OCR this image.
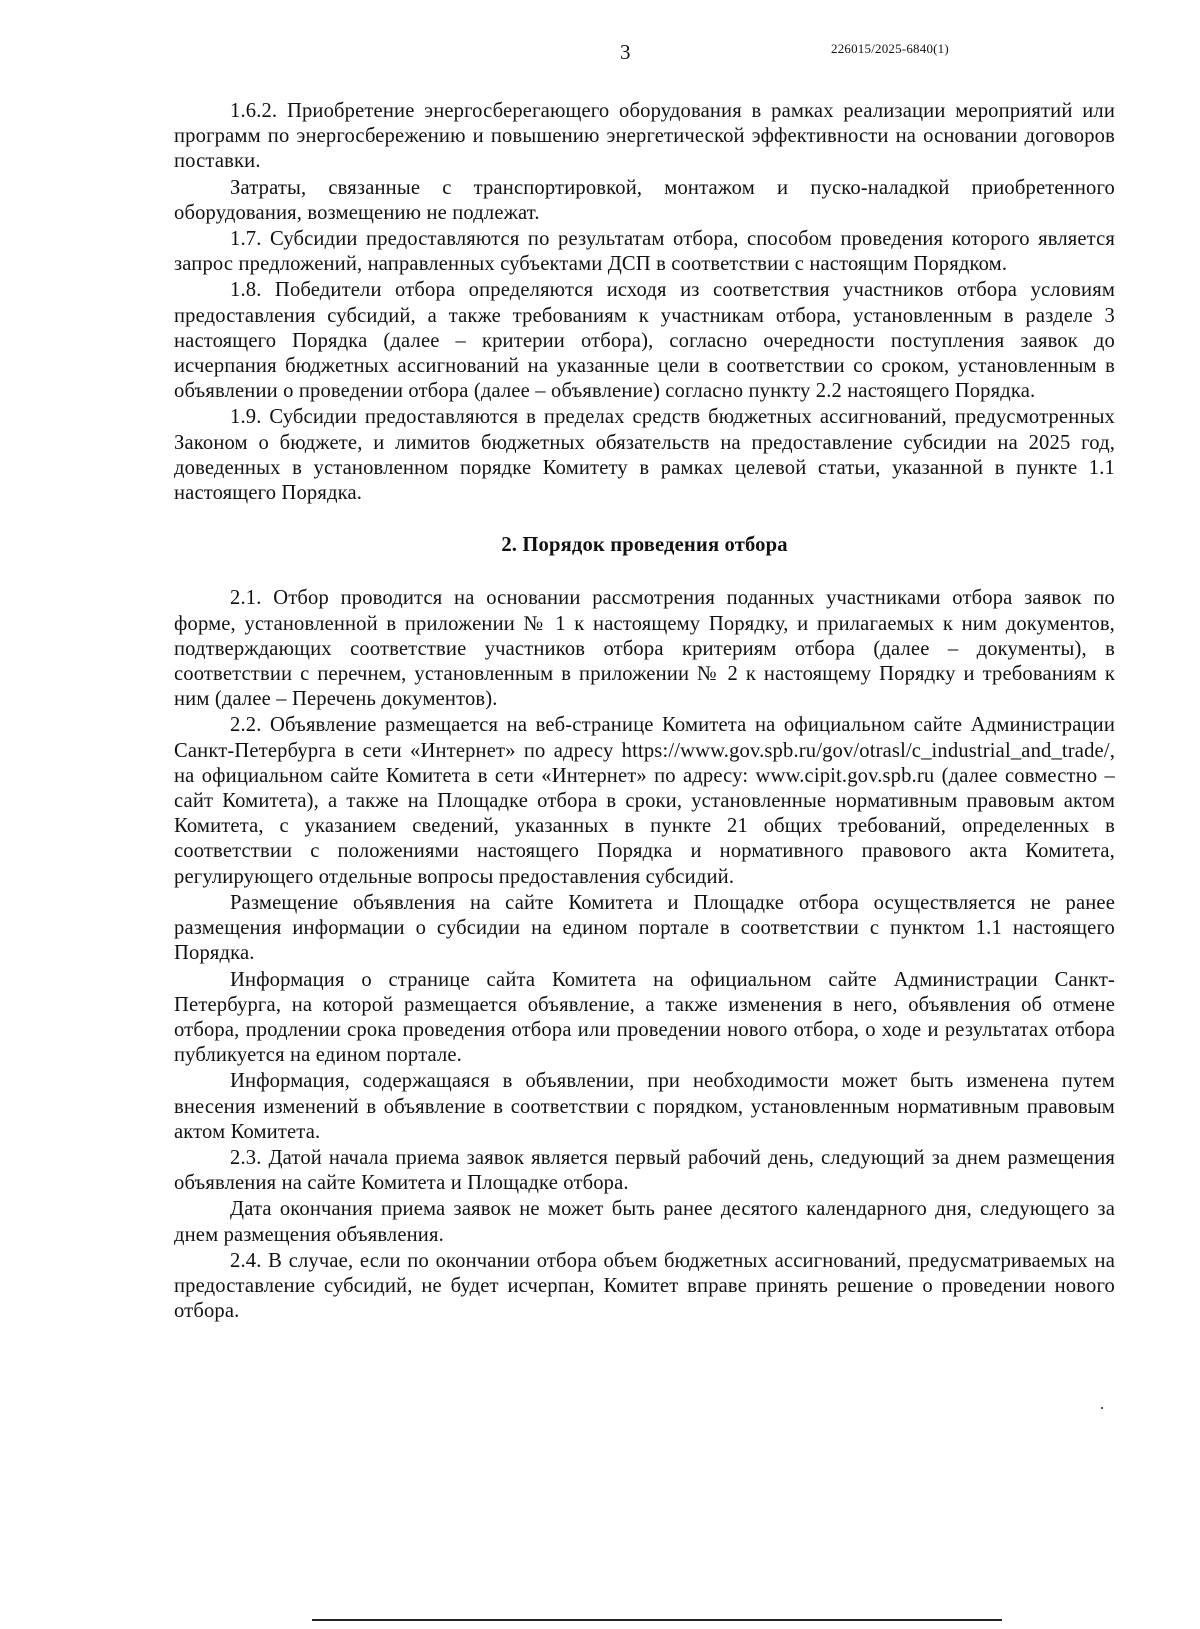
3	226015/2025-6840(1)

1.6.2. Приобретение энергосберегающего оборудования в рамках реализации мероприятий или программ по энергосбережению и повышению энергетической эффективности на основании договоров поставки.

Затраты, связанные с транспортировкой, монтажом и пуско-наладкой приобретенного оборудования, возмещению не подлежат.

1.7. Субсидии предоставляются по результатам отбора, способом проведения которого является запрос предложений, направленных субъектами ДСП в соответствии с настоящим Порядком.

1.8. Победители отбора определяются исходя из соответствия участников отбора условиям предоставления субсидий, а также требованиям к участникам отбора, установленным в разделе 3 настоящего Порядка (далее – критерии отбора), согласно очередности поступления заявок до исчерпания бюджетных ассигнований на указанные цели в соответствии со сроком, установленным в объявлении о проведении отбора (далее – объявление) согласно пункту 2.2 настоящего Порядка.

1.9. Субсидии предоставляются в пределах средств бюджетных ассигнований, предусмотренных Законом о бюджете, и лимитов бюджетных обязательств на предоставление субсидии на 2025 год, доведенных в установленном порядке Комитету в рамках целевой статьи, указанной в пункте 1.1 настоящего Порядка.

2. Порядок проведения отбора

2.1. Отбор проводится на основании рассмотрения поданных участниками отбора заявок по форме, установленной в приложении № 1 к настоящему Порядку, и прилагаемых к ним документов, подтверждающих соответствие участников отбора критериям отбора (далее – документы), в соответствии с перечнем, установленным в приложении № 2 к настоящему Порядку и требованиям к ним (далее – Перечень документов).

2.2. Объявление размещается на веб-странице Комитета на официальном сайте Администрации Санкт-Петербурга в сети «Интернет» по адресу https://www.gov.spb.ru/gov/otrasl/c_industrial_and_trade/, на официальном сайте Комитета в сети «Интернет» по адресу: www.cipit.gov.spb.ru (далее совместно – сайт Комитета), а также на Площадке отбора в сроки, установленные нормативным правовым актом Комитета, с указанием сведений, указанных в пункте 21 общих требований, определенных в соответствии с положениями настоящего Порядка и нормативного правового акта Комитета, регулирующего отдельные вопросы предоставления субсидий.

Размещение объявления на сайте Комитета и Площадке отбора осуществляется не ранее размещения информации о субсидии на едином портале в соответствии с пунктом 1.1 настоящего Порядка.

Информация о странице сайта Комитета на официальном сайте Администрации Санкт-Петербурга, на которой размещается объявление, а также изменения в него, объявления об отмене отбора, продлении срока проведения отбора или проведении нового отбора, о ходе и результатах отбора публикуется на едином портале.

Информация, содержащаяся в объявлении, при необходимости может быть изменена путем внесения изменений в объявление в соответствии с порядком, установленным нормативным правовым актом Комитета.

2.3. Датой начала приема заявок является первый рабочий день, следующий за днем размещения объявления на сайте Комитета и Площадке отбора.

Дата окончания приема заявок не может быть ранее десятого календарного дня, следующего за днем размещения объявления.

2.4. В случае, если по окончании отбора объем бюджетных ассигнований, предусматриваемых на предоставление субсидий, не будет исчерпан, Комитет вправе принять решение о проведении нового отбора.
